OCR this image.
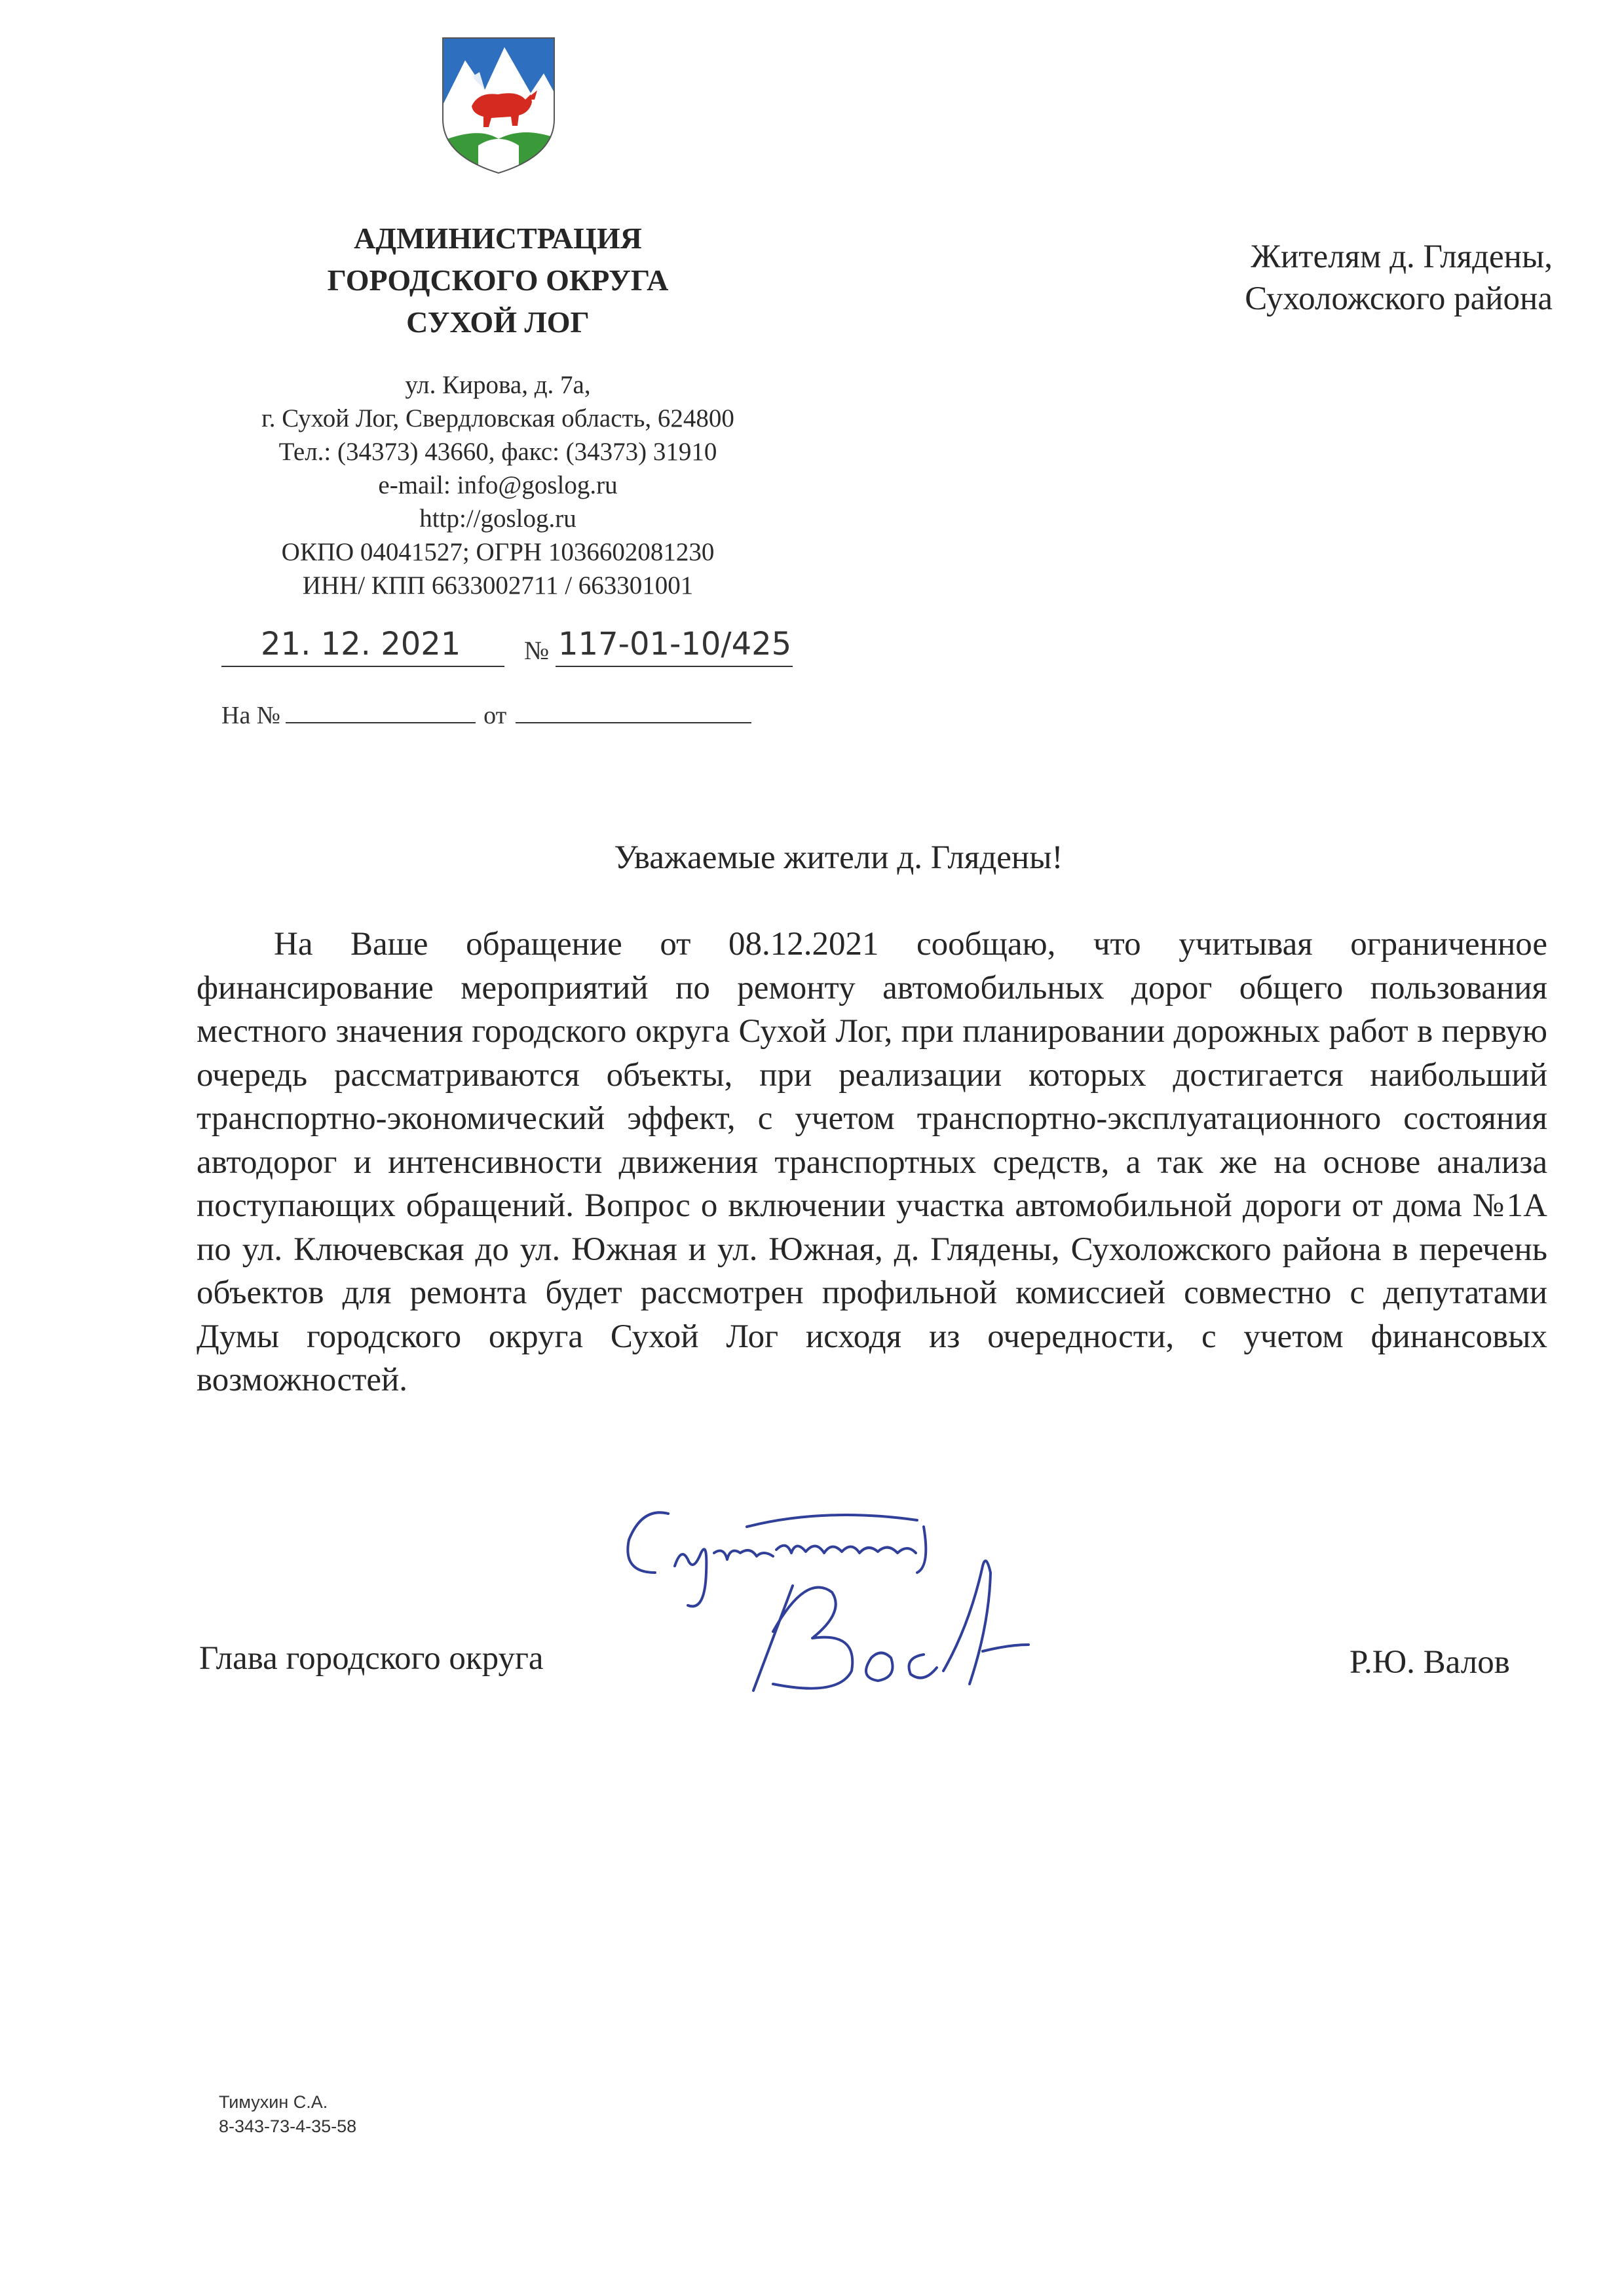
АДМИНИСТРАЦИЯ
ГОРОДСКОГО ОКРУГА
СУХОЙ ЛОГ
ул. Кирова, д. 7а,
г. Сухой Лог, Свердловская область, 624800
Тел.: (34373) 43660, факс: (34373) 31910
e-mail: info@goslog.ru
http://goslog.ru
ОКПО 04041527; ОГРН 1036602081230
ИНН/ КПП 6633002711 / 663301001
21. 12. 2021	№ 117-01-10/425
На №	от
Жителям д. Глядены,
Сухоложского района
Уважаемые жители д. Глядены!

На Ваше обращение от 08.12.2021 сообщаю, что учитывая ограниченное финансирование мероприятий по ремонту автомобильных дорог общего пользования местного значения городского округа Сухой Лог, при планировании дорожных работ в первую очередь рассматриваются объекты, при реализации которых достигается наибольший транспортно-экономический эффект, с учетом транспортно-эксплуатационного состояния автодорог и интенсивности движения транспортных средств, а так же на основе анализа поступающих обращений. Вопрос о включении участка автомобильной дороги от дома №1А по ул. Ключевская до ул. Южная и ул. Южная, д. Глядены, Сухоложского района в перечень объектов для ремонта будет рассмотрен профильной комиссией совместно с депутатами Думы городского округа Сухой Лог исходя из очередности, с учетом финансовых возможностей.

Глава городского округа	Р.Ю. Валов
Тимухин С.А.
8-343-73-4-35-58
